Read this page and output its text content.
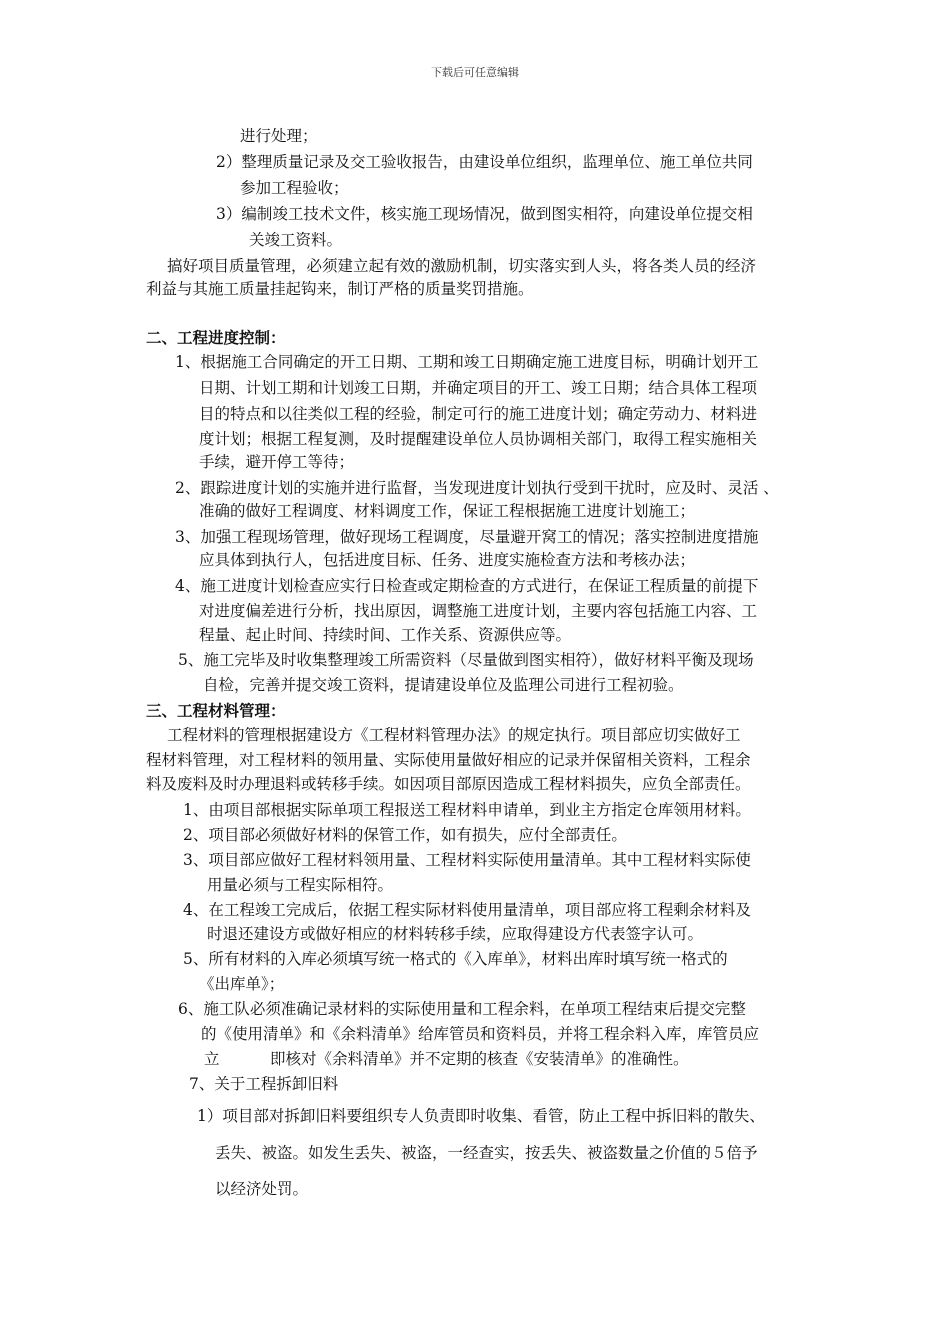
下载后可任意编辑
进行处理；
2）整理质量记录及交工验收报告，由建设单位组织，监理单位、施工单位共同
参加工程验收；
3）编制竣工技术文件，核实施工现场情况，做到图实相符，向建设单位提交相
关竣工资料。
搞好项目质量管理，必须建立起有效的激励机制，切实落实到人头，将各类人员的经济
利益与其施工质量挂起钩来，制订严格的质量奖罚措施。
二、工程进度控制：
1、根据施工合同确定的开工日期、工期和竣工日期确定施工进度目标，明确计划开工
日期、计划工期和计划竣工日期，并确定项目的开工、竣工日期；结合具体工程项
目的特点和以往类似工程的经验，制定可行的施工进度计划；确定劳动力、材料进
度计划；根据工程复测，及时提醒建设单位人员协调相关部门，取得工程实施相关
手续，避开停工等待；
2、跟踪进度计划的实施并进行监督，当发现进度计划执行受到干扰时，应及时、灵活 、
准确的做好工程调度、材料调度工作，保证工程根据施工进度计划施工；
3、加强工程现场管理，做好现场工程调度，尽量避开窝工的情况；落实控制进度措施
应具体到执行人，包括进度目标、任务、进度实施检查方法和考核办法；
4、施工进度计划检查应实行日检查或定期检查的方式进行，在保证工程质量的前提下
对进度偏差进行分析，找出原因，调整施工进度计划，主要内容包括施工内容、工
程量、起止时间、持续时间、工作关系、资源供应等。
5、施工完毕及时收集整理竣工所需资料（尽量做到图实相符），做好材料平衡及现场
自检，完善并提交竣工资料，提请建设单位及监理公司进行工程初验。
三、工程材料管理：
工程材料的管理根据建设方《工程材料管理办法》的规定执行。项目部应切实做好工
程材料管理，对工程材料的领用量、实际使用量做好相应的记录并保留相关资料，工程余
料及废料及时办理退料或转移手续。如因项目部原因造成工程材料损失，应负全部责任。
1、由项目部根据实际单项工程报送工程材料申请单，到业主方指定仓库领用材料。
2、项目部必须做好材料的保管工作，如有损失，应付全部责任。
3、项目部应做好工程材料领用量、工程材料实际使用量清单。其中工程材料实际使
用量必须与工程实际相符。
4、在工程竣工完成后，依据工程实际材料使用量清单，项目部应将工程剩余材料及
时退还建设方或做好相应的材料转移手续，应取得建设方代表签字认可。
5、所有材料的入库必须填写统一格式的《入库单》，材料出库时填写统一格式的
《出库单》；
6、施工队必须准确记录材料的实际使用量和工程余料，在单项工程结束后提交完整
的《使用清单》和《余料清单》给库管员和资料员，并将工程余料入库，库管员应
立	即核对《余料清单》并不定期的核查《安装清单》的准确性。
7、关于工程拆卸旧料
1）项目部对拆卸旧料要组织专人负责即时收集、看管，防止工程中拆旧料的散失、
丢失、被盗。如发生丢失、被盗，一经查实，按丢失、被盗数量之价值的５倍予
以经济处罚。
